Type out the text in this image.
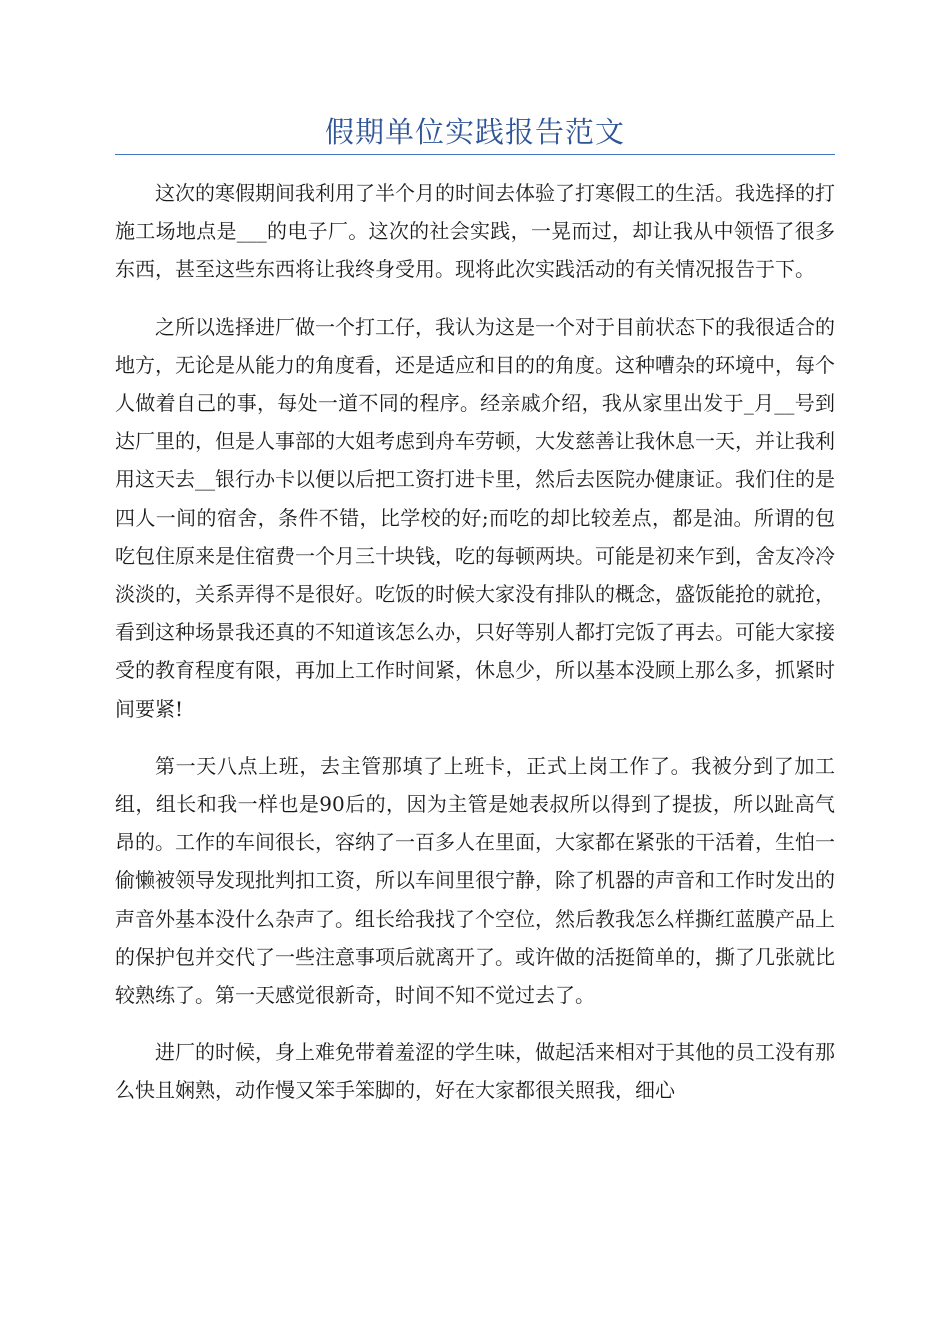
假期单位实践报告范文

这次的寒假期间我利用了半个月的时间去体验了打寒假工的生活。我选择的打施工场地点是___的电子厂。这次的社会实践，一晃而过，却让我从中领悟了很多东西，甚至这些东西将让我终身受用。现将此次实践活动的有关情况报告于下。

之所以选择进厂做一个打工仔，我认为这是一个对于目前状态下的我很适合的地方，无论是从能力的角度看，还是适应和目的的角度。这种嘈杂的环境中，每个人做着自己的事，每处一道不同的程序。经亲戚介绍，我从家里出发于_月__号到达厂里的，但是人事部的大姐考虑到舟车劳顿，大发慈善让我休息一天，并让我利用这天去__银行办卡以便以后把工资打进卡里，然后去医院办健康证。我们住的是四人一间的宿舍，条件不错，比学校的好;而吃的却比较差点，都是油。所谓的包吃包住原来是住宿费一个月三十块钱，吃的每顿两块。可能是初来乍到，舍友冷冷淡淡的，关系弄得不是很好。吃饭的时候大家没有排队的概念，盛饭能抢的就抢，看到这种场景我还真的不知道该怎么办，只好等别人都打完饭了再去。可能大家接受的教育程度有限，再加上工作时间紧，休息少，所以基本没顾上那么多，抓紧时间要紧!

第一天八点上班，去主管那填了上班卡，正式上岗工作了。我被分到了加工组，组长和我一样也是90后的，因为主管是她表叔所以得到了提拔，所以趾高气昂的。工作的车间很长，容纳了一百多人在里面，大家都在紧张的干活着，生怕一偷懒被领导发现批判扣工资，所以车间里很宁静，除了机器的声音和工作时发出的声音外基本没什么杂声了。组长给我找了个空位，然后教我怎么样撕红蓝膜产品上的保护包并交代了一些注意事项后就离开了。或许做的活挺简单的，撕了几张就比较熟练了。第一天感觉很新奇，时间不知不觉过去了。

进厂的时候，身上难免带着羞涩的学生味，做起活来相对于其他的员工没有那么快且娴熟，动作慢又笨手笨脚的，好在大家都很关照我，细心
